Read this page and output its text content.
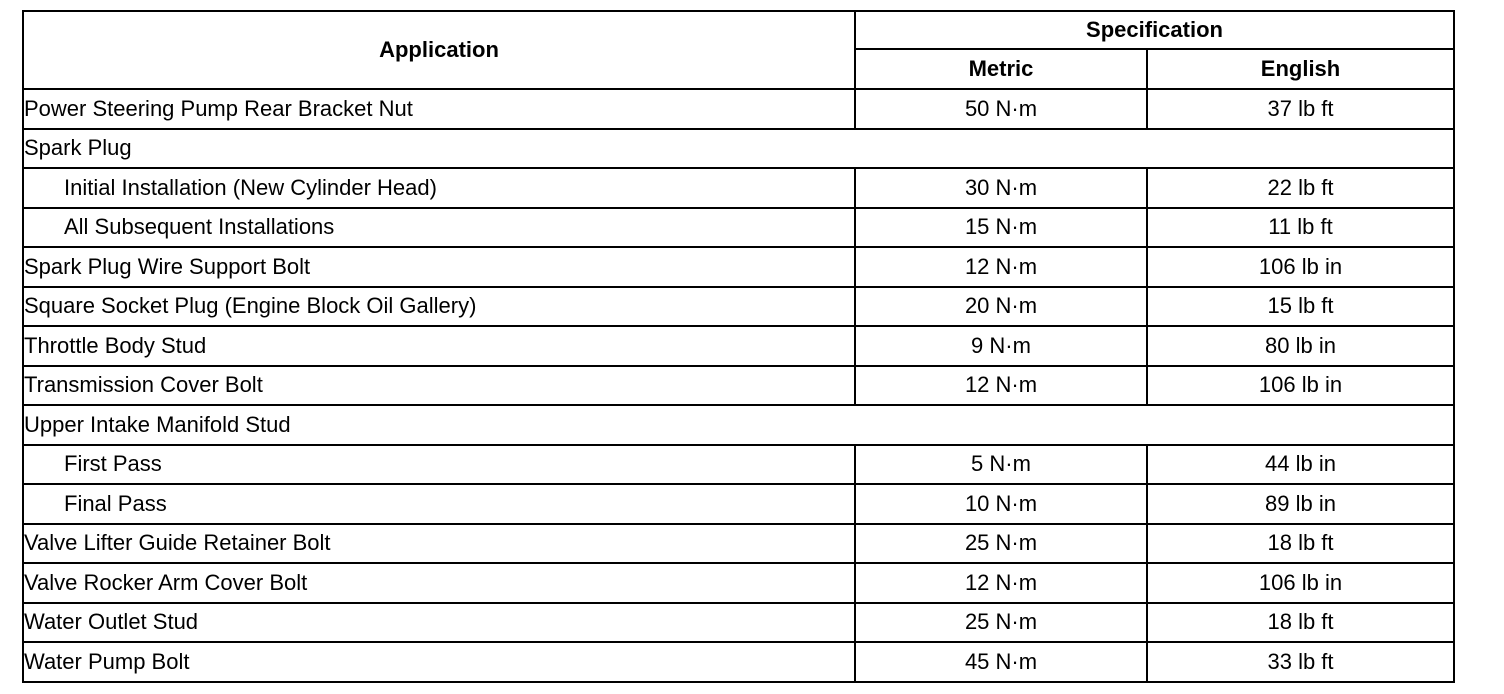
Application	Specification	
	Metric	English
Power Steering Pump Rear Bracket Nut	50 N·m	37 lb ft
Spark Plug		
Initial Installation (New Cylinder Head)	30 N·m	22 lb ft
All Subsequent Installations	15 N·m	11 lb ft
Spark Plug Wire Support Bolt	12 N·m	106 lb in
Square Socket Plug (Engine Block Oil Gallery)	20 N·m	15 lb ft
Throttle Body Stud	9 N·m	80 lb in
Transmission Cover Bolt	12 N·m	106 lb in
Upper Intake Manifold Stud		
First Pass	5 N·m	44 lb in
Final Pass	10 N·m	89 lb in
Valve Lifter Guide Retainer Bolt	25 N·m	18 lb ft
Valve Rocker Arm Cover Bolt	12 N·m	106 lb in
Water Outlet Stud	25 N·m	18 lb ft
Water Pump Bolt	45 N·m	33 lb ft
